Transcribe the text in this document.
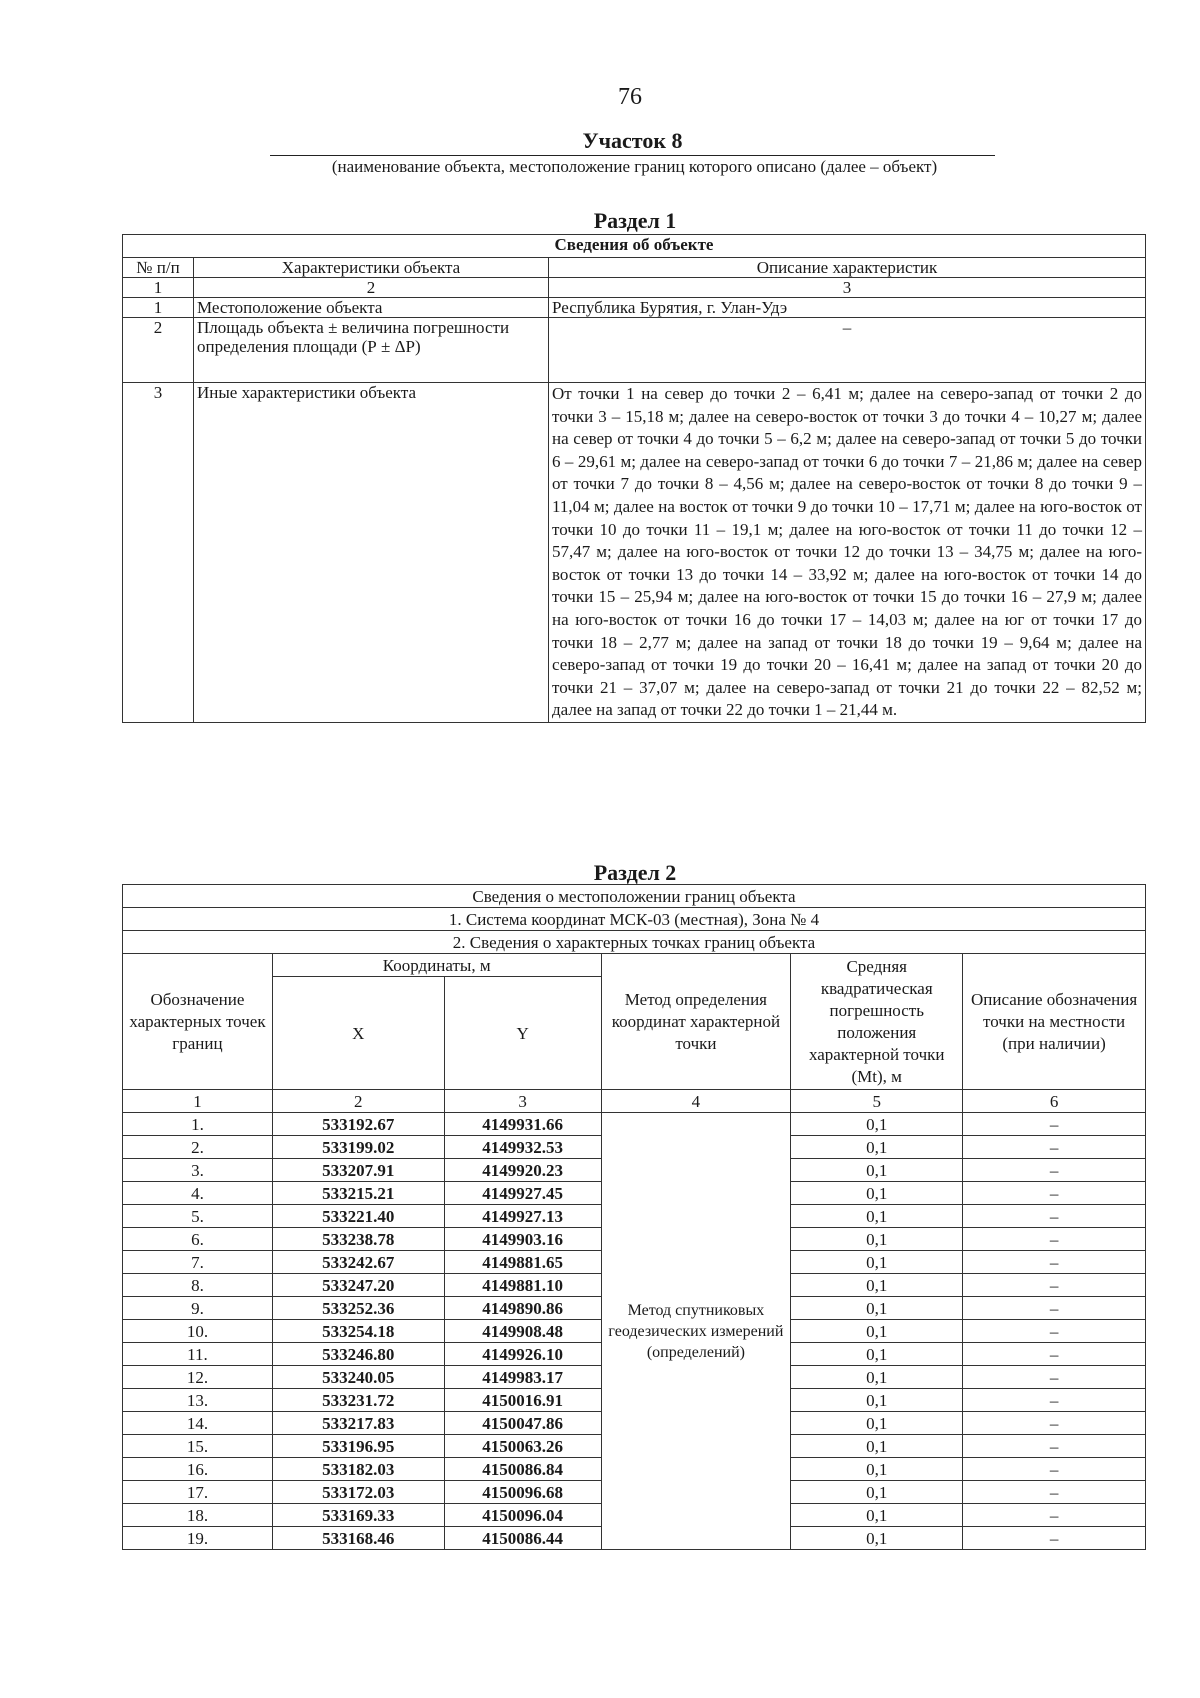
76
Участок 8
(наименование объекта, местоположение границ которого описано (далее – объект)
Раздел 1
Сведения об объекте		
№ п/п	Характеристики объекта	Описание характеристик
1	2	3
1	Местоположение объекта	Республика Бурятия, г. Улан-Удэ
2	Площадь объекта ± величина погрешности определения площади (Р ± ΔР)	–
3	Иные характеристики объекта	От точки 1 на север до точки 2 – 6,41 м; далее на северо-запад от точки 2 до точки 3 – 15,18 м; далее на северо-восток от точки 3 до точки 4 – 10,27 м; далее на север от точки 4 до точки 5 – 6,2 м; далее на северо-запад от точки 5 до точки 6 – 29,61 м; далее на северо-запад от точки 6 до точки 7 – 21,86 м; далее на север от точки 7 до точки 8 – 4,56 м; далее на северо-восток от точки 8 до точки 9 – 11,04 м; далее на восток от точки 9 до точки 10 – 17,71 м; далее на юго-восток от точки 10 до точки 11 – 19,1 м; далее на юго-восток от точки 11 до точки 12 – 57,47 м; далее на юго-восток от точки 12 до точки 13 – 34,75 м; далее на юго-восток от точки 13 до точки 14 – 33,92 м; далее на юго-восток от точки 14 до точки 15 – 25,94 м; далее на юго-восток от точки 15 до точки 16 – 27,9 м; далее на юго-восток от точки 16 до точки 17 – 14,03 м; далее на юг от точки 17 до точки 18 – 2,77 м; далее на запад от точки 18 до точки 19 – 9,64 м; далее на северо-запад от точки 19 до точки 20 – 16,41 м; далее на запад от точки 20 до точки 21 – 37,07 м; далее на северо-запад от точки 21 до точки 22 – 82,52 м; далее на запад от точки 22 до точки 1 – 21,44 м.
Раздел 2
Сведения о местоположении границ объекта					
1. Система координат МСК-03 (местная), Зона № 4					
2. Сведения о характерных точках границ объекта					
Обозначение характерных точек границ	Координаты, м		Метод определения координат характерной точки	Средняя квадратическая погрешность положения характерной точки (Mt), м	Описание обозначения точки на местности (при наличии)
	X	Y			
1	2	3	4	5	6
1.	533192.67	4149931.66	Метод спутниковых геодезических измерений (определений)	0,1	–
2.	533199.02	4149932.53		0,1	–
3.	533207.91	4149920.23		0,1	–
4.	533215.21	4149927.45		0,1	–
5.	533221.40	4149927.13		0,1	–
6.	533238.78	4149903.16		0,1	–
7.	533242.67	4149881.65		0,1	–
8.	533247.20	4149881.10		0,1	–
9.	533252.36	4149890.86		0,1	–
10.	533254.18	4149908.48		0,1	–
11.	533246.80	4149926.10		0,1	–
12.	533240.05	4149983.17		0,1	–
13.	533231.72	4150016.91		0,1	–
14.	533217.83	4150047.86		0,1	–
15.	533196.95	4150063.26		0,1	–
16.	533182.03	4150086.84		0,1	–
17.	533172.03	4150096.68		0,1	–
18.	533169.33	4150096.04		0,1	–
19.	533168.46	4150086.44		0,1	–
